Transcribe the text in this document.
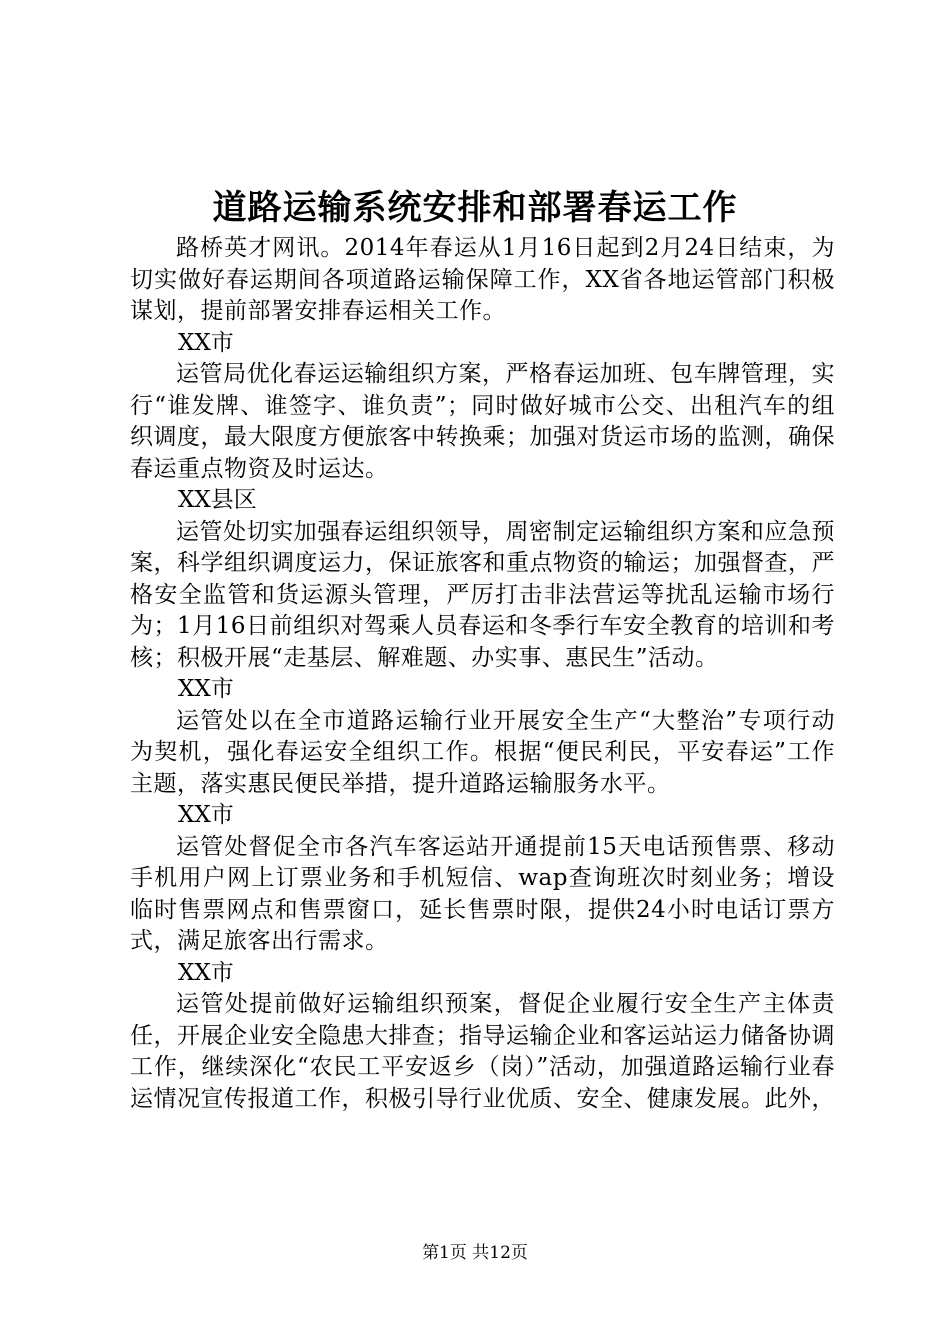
道路运输系统安排和部署春运工作

路桥英才网讯。2014年春运从1月16日起到2月24日结束，为切实做好春运期间各项道路运输保障工作，XX省各地运管部门积极谋划，提前部署安排春运相关工作。

XX市

运管局优化春运运输组织方案，严格春运加班、包车牌管理，实行“谁发牌、谁签字、谁负责”；同时做好城市公交、出租汽车的组织调度，最大限度方便旅客中转换乘；加强对货运市场的监测，确保春运重点物资及时运达。

XX县区

运管处切实加强春运组织领导，周密制定运输组织方案和应急预案，科学组织调度运力，保证旅客和重点物资的输运；加强督查，严格安全监管和货运源头管理，严厉打击非法营运等扰乱运输市场行为；1月16日前组织对驾乘人员春运和冬季行车安全教育的培训和考核；积极开展“走基层、解难题、办实事、惠民生”活动。

XX市

运管处以在全市道路运输行业开展安全生产“大整治”专项行动为契机，强化春运安全组织工作。根据“便民利民，平安春运”工作主题，落实惠民便民举措，提升道路运输服务水平。

XX市

运管处督促全市各汽车客运站开通提前15天电话预售票、移动手机用户网上订票业务和手机短信、wap查询班次时刻业务；增设临时售票网点和售票窗口，延长售票时限，提供24小时电话订票方式，满足旅客出行需求。

XX市

运管处提前做好运输组织预案，督促企业履行安全生产主体责任，开展企业安全隐患大排查；指导运输企业和客运站运力储备协调工作，继续深化“农民工平安返乡（岗）”活动，加强道路运输行业春运情况宣传报道工作，积极引导行业优质、安全、健康发展。此外，

第1页 共12页
